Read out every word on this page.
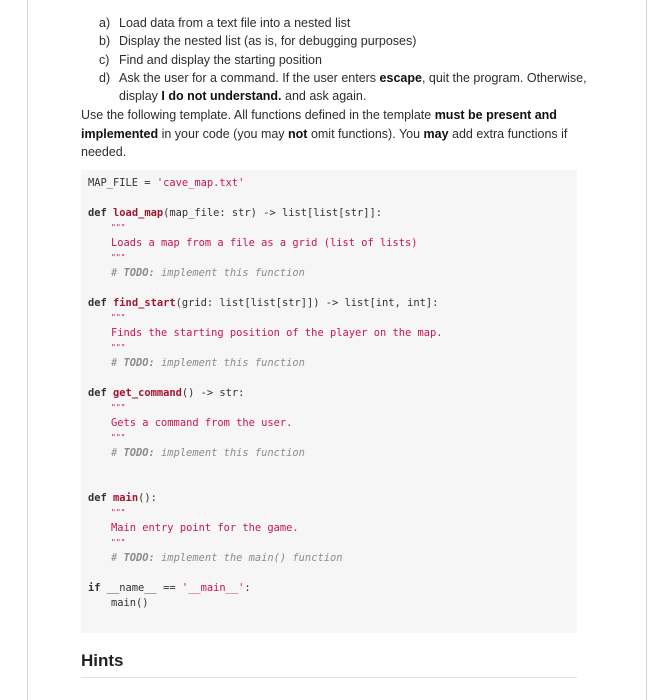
a) Load data from a text file into a nested list
b) Display the nested list (as is, for debugging purposes)
c) Find and display the starting position
d) Ask the user for a command. If the user enters escape, quit the program. Otherwise, display I do not understand. and ask again.

Use the following template. All functions defined in the template must be present and implemented in your code (you may not omit functions). You may add extra functions if needed.

MAP_FILE = 'cave_map.txt'
def load_map(map_file: str) -> list[list[str]]:
"""
Loads a map from a file as a grid (list of lists)
"""
# TODO: implement this function
def find_start(grid: list[list[str]]) -> list[int, int]:
"""
Finds the starting position of the player on the map.
"""
# TODO: implement this function
def get_command() -> str:
"""
Gets a command from the user.
"""
# TODO: implement this function
def main():
"""
Main entry point for the game.
"""
# TODO: implement the main() function
if __name__ == '__main__':
main()
Hints
